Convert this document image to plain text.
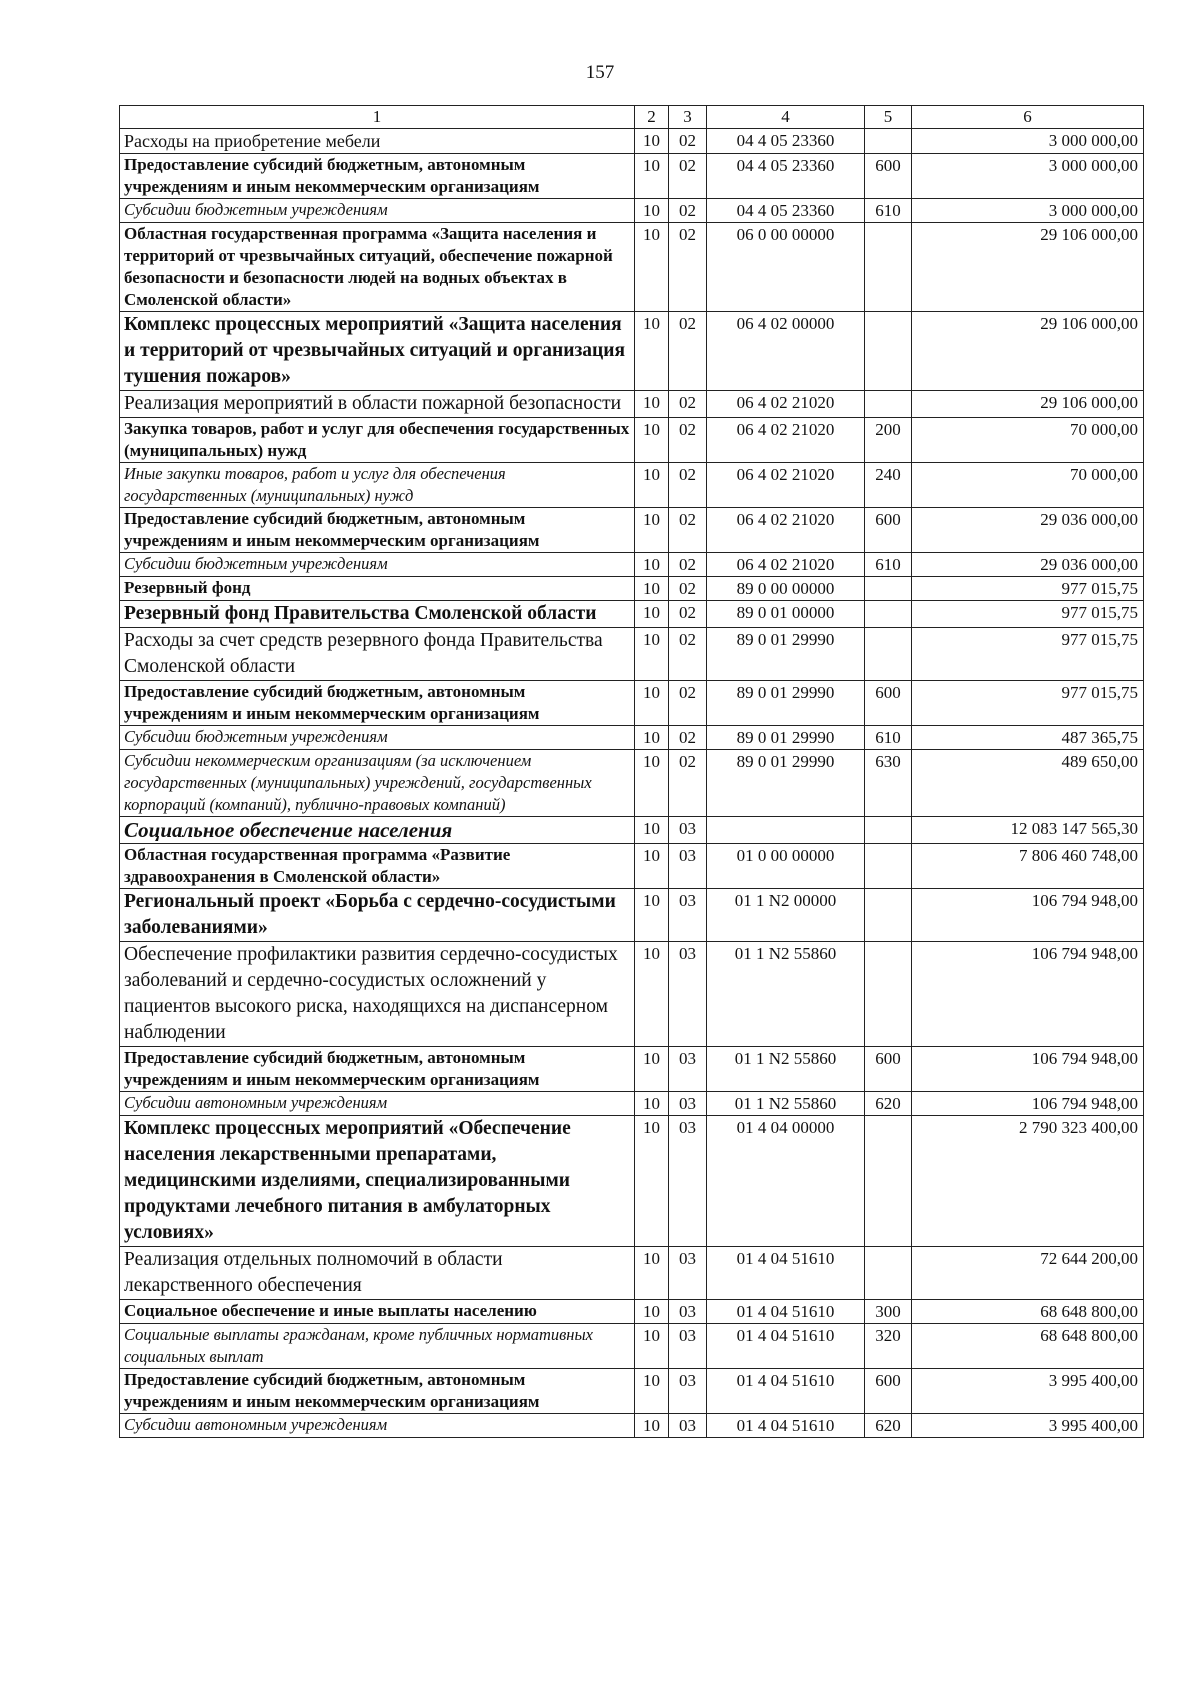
157
1	2	3	4	5	6
Расходы на приобретение мебели	10	02	04 4 05 23360		3 000 000,00
Предоставление субсидий бюджетным, автономным учреждениям и иным некоммерческим организациям	10	02	04 4 05 23360	600	3 000 000,00
Субсидии бюджетным учреждениям	10	02	04 4 05 23360	610	3 000 000,00
Областная государственная программа «Защита населения и территорий от чрезвычайных ситуаций, обеспечение пожарной безопасности и безопасности людей на водных объектах в Смоленской области»	10	02	06 0 00 00000		29 106 000,00
Комплекс процессных мероприятий «Защита населения и территорий от чрезвычайных ситуаций и организация тушения пожаров»	10	02	06 4 02 00000		29 106 000,00
Реализация мероприятий в области пожарной безопасности	10	02	06 4 02 21020		29 106 000,00
Закупка товаров, работ и услуг для обеспечения государственных (муниципальных) нужд	10	02	06 4 02 21020	200	70 000,00
Иные закупки товаров, работ и услуг для обеспечения государственных (муниципальных) нужд	10	02	06 4 02 21020	240	70 000,00
Предоставление субсидий бюджетным, автономным учреждениям и иным некоммерческим организациям	10	02	06 4 02 21020	600	29 036 000,00
Субсидии бюджетным учреждениям	10	02	06 4 02 21020	610	29 036 000,00
Резервный фонд	10	02	89 0 00 00000		977 015,75
Резервный фонд Правительства Смоленской области	10	02	89 0 01 00000		977 015,75
Расходы за счет средств резервного фонда Правительства Смоленской области	10	02	89 0 01 29990		977 015,75
Предоставление субсидий бюджетным, автономным учреждениям и иным некоммерческим организациям	10	02	89 0 01 29990	600	977 015,75
Субсидии бюджетным учреждениям	10	02	89 0 01 29990	610	487 365,75
Субсидии некоммерческим организациям (за исключением государственных (муниципальных) учреждений, государственных корпораций (компаний), публично-правовых компаний)	10	02	89 0 01 29990	630	489 650,00
Социальное обеспечение населения	10	03			12 083 147 565,30
Областная государственная программа «Развитие здравоохранения в Смоленской области»	10	03	01 0 00 00000		7 806 460 748,00
Региональный проект «Борьба с сердечно-сосудистыми заболеваниями»	10	03	01 1 N2 00000		106 794 948,00
Обеспечение профилактики развития сердечно-сосудистых заболеваний и сердечно-сосудистых осложнений у пациентов высокого риска, находящихся на диспансерном наблюдении	10	03	01 1 N2 55860		106 794 948,00
Предоставление субсидий бюджетным, автономным учреждениям и иным некоммерческим организациям	10	03	01 1 N2 55860	600	106 794 948,00
Субсидии автономным учреждениям	10	03	01 1 N2 55860	620	106 794 948,00
Комплекс процессных мероприятий «Обеспечение населения лекарственными препаратами, медицинскими изделиями, специализированными продуктами лечебного питания в амбулаторных условиях»	10	03	01 4 04 00000		2 790 323 400,00
Реализация отдельных полномочий в области лекарственного обеспечения	10	03	01 4 04 51610		72 644 200,00
Социальное обеспечение и иные выплаты населению	10	03	01 4 04 51610	300	68 648 800,00
Социальные выплаты гражданам, кроме публичных нормативных социальных выплат	10	03	01 4 04 51610	320	68 648 800,00
Предоставление субсидий бюджетным, автономным учреждениям и иным некоммерческим организациям	10	03	01 4 04 51610	600	3 995 400,00
Субсидии автономным учреждениям	10	03	01 4 04 51610	620	3 995 400,00
